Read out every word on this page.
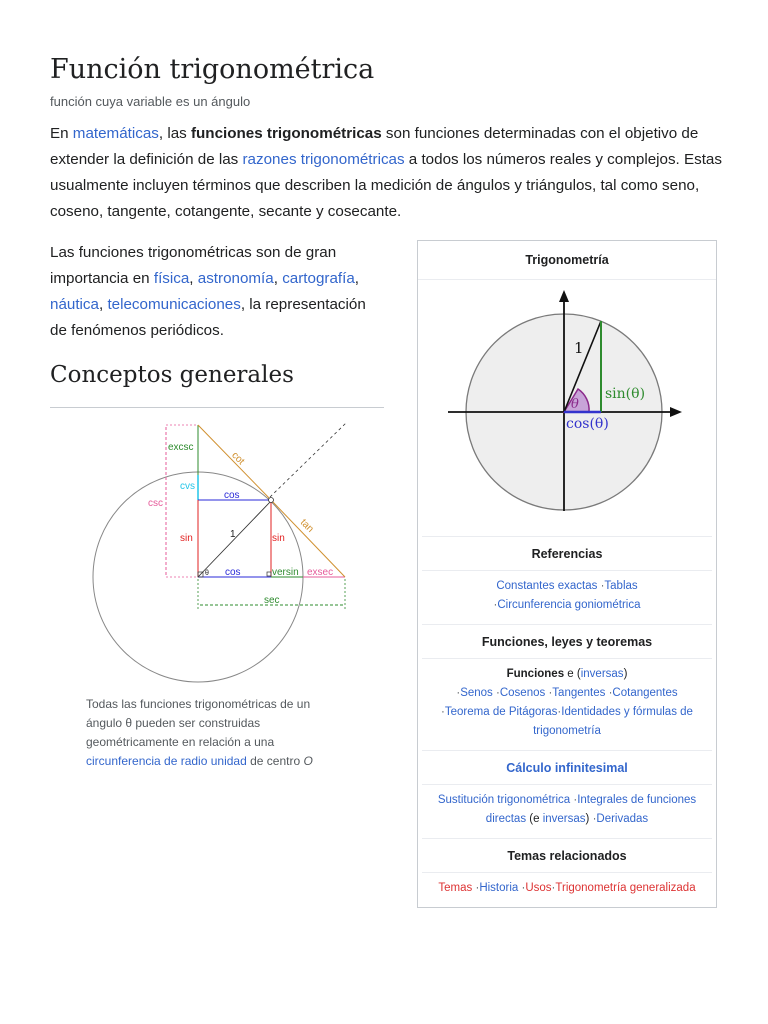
Función trigonométrica
función cuya variable es un ángulo

En matemáticas, las funciones trigonométricas son funciones determinadas con el objetivo de extender la definición de las razones trigonométricas a todos los números reales y complejos. Estas usualmente incluyen términos que describen la medición de ángulos y triángulos, tal como seno, coseno, tangente, cotangente, secante y cosecante.

Las funciones trigonométricas son de gran importancia en física, astronomía, cartografía, náutica, telecomunicaciones, la representación de fenómenos periódicos.

Conceptos generales
excsc
cot
cvs
cos
csc
sin	1	sin
tan
θ cos	versin exsec
sec
Todas las funciones trigonométricas de un ángulo θ pueden ser construidas geométricamente en relación a una circunferencia de radio unidad de centro O
Trigonometría
1
θ
sin(θ)
cos(θ)
Referencias
Constantes exactas ·Tablas
·Circunferencia goniométrica
Funciones, leyes y teoremas
Funciones e (inversas)
·Senos ·Cosenos ·Tangentes ·Cotangentes
·Teorema de Pitágoras·Identidades y fórmulas de trigonometría
Cálculo infinitesimal
Sustitución trigonométrica ·Integrales de funciones directas (e inversas) ·Derivadas
Temas relacionados
Temas ·Historia ·Usos·Trigonometría generalizada
